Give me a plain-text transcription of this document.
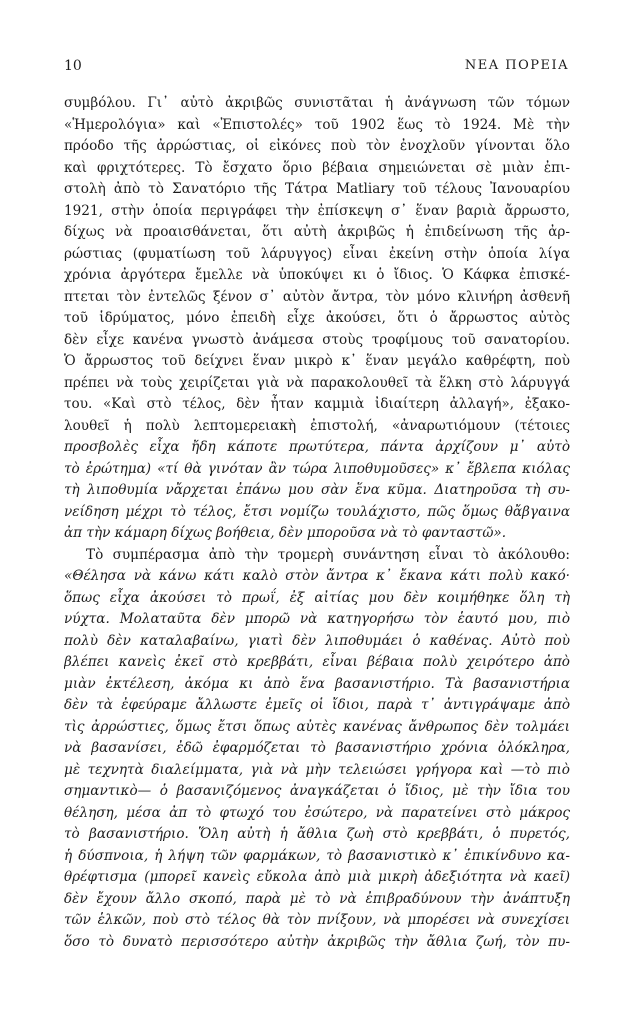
10	ΝΕΑ ΠΟΡΕΙΑ
συμβόλου. Γι᾿ αὐτὸ ἀκριβῶς συνιστᾶται ἡ ἀνάγνωση τῶν τόμων
«Ἡμερολόγια» καὶ «Ἐπιστολές» τοῦ 1902 ἕως τὸ 1924. Μὲ τὴν
πρόοδο τῆς ἀρρώστιας, οἱ εἰκόνες ποὺ τὸν ἐνοχλοῦν γίνονται ὅλο
καὶ φριχτότερες. Τὸ ἔσχατο ὅριο βέβαια σημειώνεται σὲ μιὰν ἐπι-
στολὴ ἀπὸ τὸ Σανατόριο τῆς Τάτρα Matliary τοῦ τέλους Ἰανουαρίου
1921, στὴν ὁποία περιγράφει τὴν ἐπίσκεψη σ᾿ ἕναν βαριὰ ἄρρωστο,
δίχως νὰ προαισθάνεται, ὅτι αὐτὴ ἀκριβῶς ἡ ἐπιδείνωση τῆς ἀρ-
ρώστιας (φυματίωση τοῦ λάρυγγος) εἶναι ἐκείνη στὴν ὁποία λίγα
χρόνια ἀργότερα ἔμελλε νὰ ὑποκύψει κι ὁ ἴδιος. Ὁ Κάφκα ἐπισκέ-
πτεται τὸν ἐντελῶς ξένον σ᾿ αὐτὸν ἄντρα, τὸν μόνο κλινήρη ἀσθενῆ
τοῦ ἱδρύματος, μόνο ἐπειδὴ εἶχε ἀκούσει, ὅτι ὁ ἄρρωστος αὐτὸς
δὲν εἶχε κανένα γνωστὸ ἀνάμεσα στοὺς τροφίμους τοῦ σανατορίου.
Ὁ ἄρρωστος τοῦ δείχνει ἕναν μικρὸ κ᾿ ἕναν μεγάλο καθρέφτη, ποὺ
πρέπει νὰ τοὺς χειρίζεται γιὰ νὰ παρακολουθεῖ τὰ ἕλκη στὸ λάρυγγά
του. «Καὶ στὸ τέλος, δὲν ἦταν καμμιὰ ἰδιαίτερη ἀλλαγή», ἐξακο-
λουθεῖ ἡ πολὺ λεπτομερειακὴ ἐπιστολή, «ἀναρωτιόμουν (τέτοιες
προσβολὲς εἶχα ἤδη κάποτε πρωτύτερα, πάντα ἀρχίζουν μ᾿ αὐτὸ
τὸ ἐρώτημα) «τί θὰ γινόταν ἂν τώρα λιποθυμοῦσες» κ᾿ ἔβλεπα κιόλας
τὴ λιποθυμία νἄρχεται ἐπάνω μου σὰν ἕνα κῦμα. Διατηροῦσα τὴ συ-
νείδηση μέχρι τὸ τέλος, ἔτσι νομίζω τουλάχιστο, πῶς ὅμως θἄβγαινα
ἀπ τὴν κάμαρη δίχως βοήθεια, δὲν μποροῦσα νὰ τὸ φανταστῶ».
Τὸ συμπέρασμα ἀπὸ τὴν τρομερὴ συνάντηση εἶναι τὸ ἀκόλουθο:
«Θέλησα νὰ κάνω κάτι καλὸ στὸν ἄντρα κ᾿ ἔκανα κάτι πολὺ κακό·
ὅπως εἶχα ἀκούσει τὸ πρωΐ, ἐξ αἰτίας μου δὲν κοιμήθηκε ὅλη τὴ
νύχτα. Μολαταῦτα δὲν μπορῶ νὰ κατηγορήσω τὸν ἑαυτό μου, πιὸ
πολὺ δὲν καταλαβαίνω, γιατὶ δὲν λιποθυμάει ὁ καθένας. Αὐτὸ ποὺ
βλέπει κανεὶς ἐκεῖ στὸ κρεββάτι, εἶναι βέβαια πολὺ χειρότερο ἀπὸ
μιὰν ἐκτέλεση, ἀκόμα κι ἀπὸ ἕνα βασανιστήριο. Τὰ βασανιστήρια
δὲν τὰ ἐφεύραμε ἄλλωστε ἐμεῖς οἱ ἴδιοι, παρὰ τ᾿ ἀντιγράψαμε ἀπὸ
τὶς ἀρρώστιες, ὅμως ἔτσι ὅπως αὐτὲς κανένας ἄνθρωπος δὲν τολμάει
νὰ βασανίσει, ἐδῶ ἐφαρμόζεται τὸ βασανιστήριο χρόνια ὁλόκληρα,
μὲ τεχνητὰ διαλείμματα, γιὰ νὰ μὴν τελειώσει γρήγορα καὶ —τὸ πιὸ
σημαντικὸ— ὁ βασανιζόμενος ἀναγκάζεται ὁ ἴδιος, μὲ τὴν ἴδια του
θέληση, μέσα ἀπ τὸ φτωχό του ἐσώτερο, νὰ παρατείνει στὸ μάκρος
τὸ βασανιστήριο. Ὅλη αὐτὴ ἡ ἄθλια ζωὴ στὸ κρεββάτι, ὁ πυρετός,
ἡ δύσπνοια, ἡ λήψη τῶν φαρμάκων, τὸ βασανιστικὸ κ᾿ ἐπικίνδυνο κα-
θρέφτισμα (μπορεῖ κανεὶς εὔκολα ἀπὸ μιὰ μικρὴ ἀδεξιότητα νὰ καεῖ)
δὲν ἔχουν ἄλλο σκοπό, παρὰ μὲ τὸ νὰ ἐπιβραδύνουν τὴν ἀνάπτυξη
τῶν ἑλκῶν, ποὺ στὸ τέλος θὰ τὸν πνίξουν, νὰ μπορέσει νὰ συνεχίσει
ὅσο τὸ δυνατὸ περισσότερο αὐτὴν ἀκριβῶς τὴν ἄθλια ζωή, τὸν πυ-
